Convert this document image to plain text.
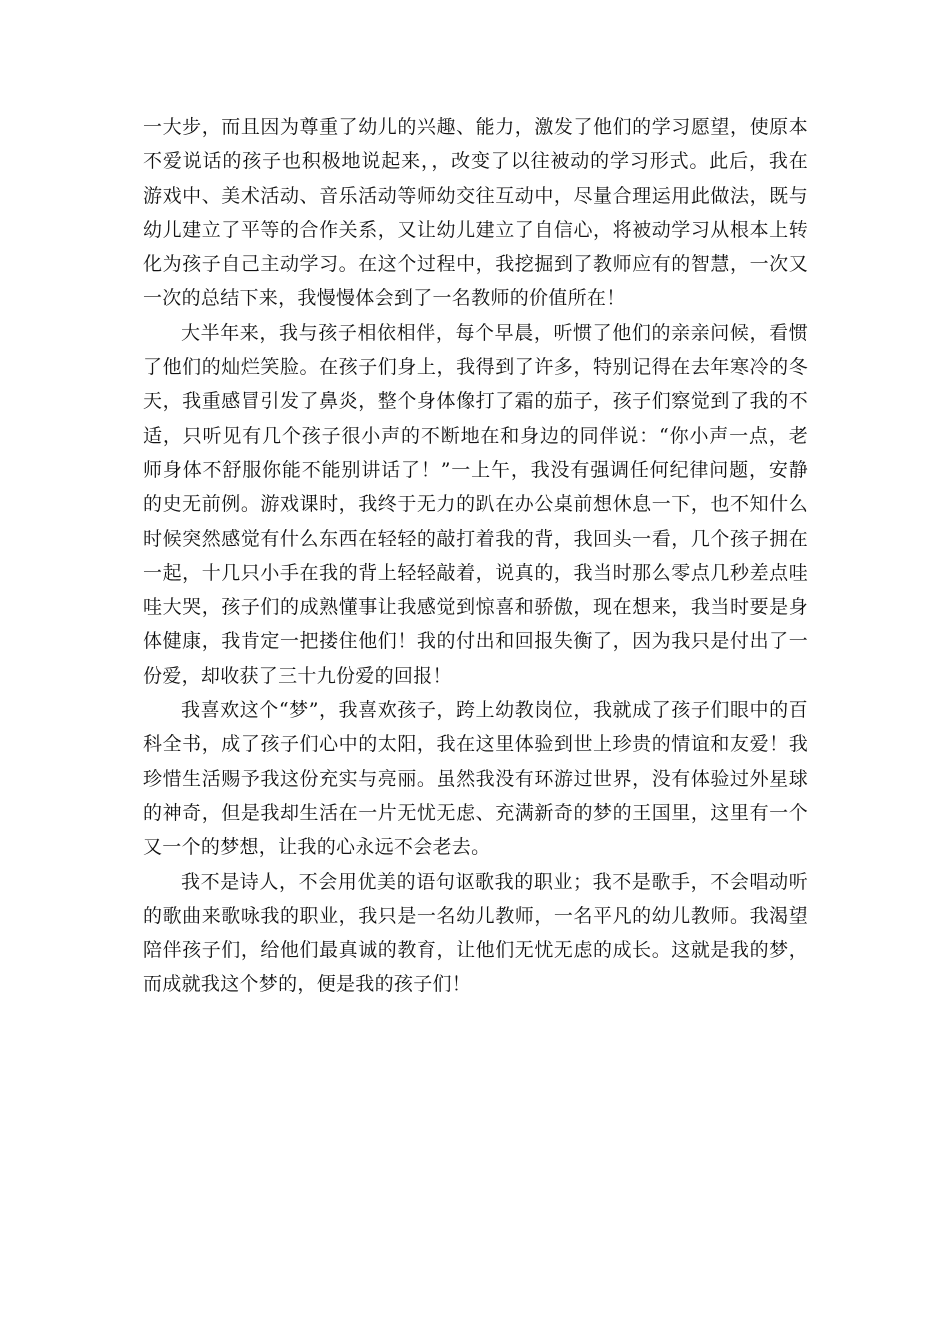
一大步，而且因为尊重了幼儿的兴趣、能力，激发了他们的学习愿望，使原本不爱说话的孩子也积极地说起来，，改变了以往被动的学习形式。此后，我在游戏中、美术活动、音乐活动等师幼交往互动中，尽量合理运用此做法，既与幼儿建立了平等的合作关系，又让幼儿建立了自信心，将被动学习从根本上转化为孩子自己主动学习。在这个过程中，我挖掘到了教师应有的智慧，一次又一次的总结下来，我慢慢体会到了一名教师的价值所在！

大半年来，我与孩子相依相伴，每个早晨，听惯了他们的亲亲问候，看惯了他们的灿烂笑脸。在孩子们身上，我得到了许多，特别记得在去年寒冷的冬天，我重感冒引发了鼻炎，整个身体像打了霜的茄子，孩子们察觉到了我的不适，只听见有几个孩子很小声的不断地在和身边的同伴说：“你小声一点，老师身体不舒服你能不能别讲话了！”一上午，我没有强调任何纪律问题，安静的史无前例。游戏课时，我终于无力的趴在办公桌前想休息一下，也不知什么时候突然感觉有什么东西在轻轻的敲打着我的背，我回头一看，几个孩子拥在一起，十几只小手在我的背上轻轻敲着，说真的，我当时那么零点几秒差点哇哇大哭，孩子们的成熟懂事让我感觉到惊喜和骄傲，现在想来，我当时要是身体健康，我肯定一把搂住他们！我的付出和回报失衡了，因为我只是付出了一份爱，却收获了三十九份爱的回报！

我喜欢这个“梦”，我喜欢孩子，跨上幼教岗位，我就成了孩子们眼中的百科全书，成了孩子们心中的太阳，我在这里体验到世上珍贵的情谊和友爱！我珍惜生活赐予我这份充实与亮丽。虽然我没有环游过世界，没有体验过外星球的神奇，但是我却生活在一片无忧无虑、充满新奇的梦的王国里，这里有一个又一个的梦想，让我的心永远不会老去。

我不是诗人，不会用优美的语句讴歌我的职业；我不是歌手，不会唱动听的歌曲来歌咏我的职业，我只是一名幼儿教师，一名平凡的幼儿教师。我渴望陪伴孩子们，给他们最真诚的教育，让他们无忧无虑的成长。这就是我的梦，而成就我这个梦的，便是我的孩子们！
